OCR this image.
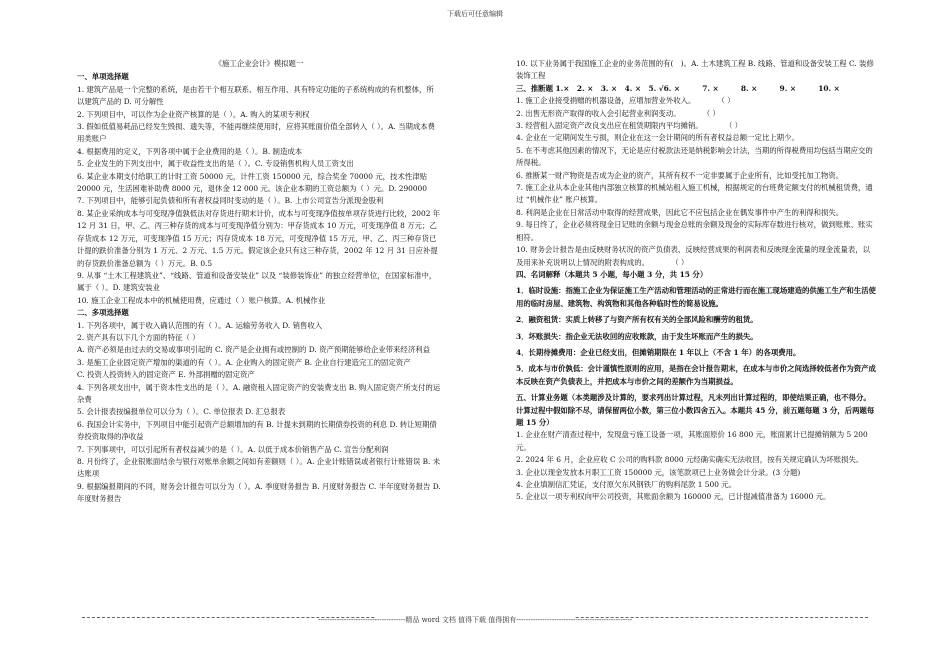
下载后可任意编辑
《施工企业会计》模拟题一
一、单项选择题
1. 建筑产品是一个完整的系统，是由若干个相互联系、相互作用、具有特定功能的子系统构成的有机整体，所以建筑产品的 D. 可分解性
2. 下列项目中，可以作为企业资产核算的是（ ）。A. 购入的某项专利权
3. 假如低值易耗品已经发生毁损、遗失等，不能再继续使用时，应将其账面价值全部转入（ ）。A. 当期成本费用类账户
4. 根据费用的定义，下列各项中属于企业费用的是（ ）。B. 制造成本
5. 企业发生的下列支出中，属于收益性支出的是（ ）。C. 专设销售机构人员工资支出
6. 某企业本期支付给职工的计时工资 50000 元，计件工资 150000 元，综合奖金 70000 元，技术性津贴 20000 元，生活困难补助费 8000 元，退休金 12 000 元。该企业本期的工资总额为（ ）元。D. 290000
7. 下列项目中，能够引起负债和所有者权益同时变动的是（ ）。B. 上市公司宣告分派现金股利
8. 某企业采纳成本与可变现净值孰低法对存货进行期末计价，成本与可变现净值按单项存货进行比较，2002 年 12 月 31 日，甲、乙、丙三种存货的成本与可变现净值分别为：甲存货成本 10 万元，可变现净值 8 万元；乙存货成本 12 万元，可变现净值 15 万元；丙存货成本 18 万元，可变现净值 15 万元，甲、乙、丙三种存货已计提的跌价准备分别为 1 万元、2 万元、1.5 万元。假定该企业只有这三种存货，2002 年 12 月 31 日应补提的存货跌价准备总额为（ ）万元。B. 0.5
9. 从事 “土木工程建筑业”、“线路、管道和设备安装业” 以及 “装修装饰业” 的独立经营单位，在国家标准中，属于（ ）。D. 建筑安装业
10. 施工企业工程成本中的机械使用费，应通过（ ）账户核算。A. 机械作业
二、多项选择题
1. 下列各项中，属于收入确认范围的有（ ）。A. 运输劳务收入 D. 销售收入
2. 资产具有以下几个方面的特征（ ）
A. 资产必须是由过去的交易或事项引起的 C. 资产是企业拥有或控制的 D. 资产预期能够给企业带来经济利益
3. 是施工企业固定资产增加的渠道的有（ ）。A. 企业购入的固定资产 B. 企业自行建造完工的固定资产
C. 投资人投资转入的固定资产 E. 外部捐赠的固定资产
4. 下列各项支出中，属于资本性支出的是（ ）。A. 融资租入固定资产的安装费支出 B. 购入固定资产所支付的运杂费
5. 会计报表按编报单位可以分为（ ）。C. 单位报表 D. 汇总报表
6. 我国会计实务中，下列项目中能引起资产总额增加的有 B. 计提未到期的长期债券投资的利息 D. 转让短期债券投资取得的净收益
7. 下列事项中，可以引起所有者权益减少的是（ ）。A. 以低于成本价销售产品 C. 宣告分配利润
8. 月份终了，企业银账面结余与银行对账单余额之间如有差额则（ ）。A. 企业计账错误或者银行计账错误 B. 未达账项
9. 根据编报期间的不同，财务会计报告可以分为（ ）。A. 季度财务报告 B. 月度财务报告 C. 半年度财务报告 D. 年度财务报告
10. 以下业务属于我国施工企业的业务范围的有(　)。A. 土木建筑工程 B. 线路、管道和设备安装工程 C. 装修装饰工程
三、推断题 1.×　2. ×　3. ×　4. ×　5. √6. ×　　　7. ×　　　8. ×　　　9. ×　　　10. ×
1. 施工企业接受捐赠的机器设备，应增加营业外收入。　　　　（ ）
2. 出售无形资产取得的收入会引起营业利润变动。　　　　（ ）
3. 经营租入固定资产改良支出应在租赁期限内平均摊销。　　　　（ ）
4. 企业在一定期间发生亏损，则企业在这一会计期间的所有者权益总额一定比上期少。
5. 在不考虑其他因素的情况下，无论是应付税款法还是纳税影响会计法，当期的所得税费用均包括当期应交的所得税。
6. 推断某一财产物资是否成为企业的资产，其所有权不一定非要属于企业所有，比如受托加工物资。
7. 施工企业从本企业其他内部独立核算的机械站租入施工机械，根据规定的台班费定额支付的机械租赁费，通过 “机械作业” 账户核算。
8. 利润是企业在日常活动中取得的经营成果，因此它不应包括企业在偶发事件中产生的利得和损失。
9. 每日终了，企业必须将现金日记账的余额与现金总账的余额及现金的实际库存数进行核对，做到账账、账实相符。
10. 财务会计报告是由反映财务状况的资产负债表、反映经营成果的利润表和反映现金流量的现金流量表，以及用来补充说明以上情况的附表构成的。　　　　（ ）
四、名词解释（本题共 5 小题，每小题 3 分，共 15 分）
1．临时设施：指施工企业为保证施工生产活动和管理活动的正常进行而在施工现场建造的供施工生产和生活使用的临时房屋、建筑物、构筑物和其他各种临时性的简易设施。
2．融资租赁：实质上转移了与资产所有权有关的全部风险和酬劳的租赁。
3．坏账损失：指企业无法收回的应收账款，由于发生坏账而产生的损失。
4．长期待摊费用：企业已经支出，但摊销期限在 1 年以上（不含 1 年）的各项费用。
5．成本与市价孰低：会计谨慎性原则的应用，是指在会计报告期末，在成本与市价之间选择较低者作为资产成本反映在资产负债表上，并把成本与市价之间的差额作为当期损益。
五、计算业务题（本类题涉及计算的，要求列出计算过程，凡未列出计算过程的，即使结果正确，也不得分。计算过程中假如除不尽，请保留两位小数，第三位小数四舍五入。本题共 45 分，前五题每题 3 分，后两题每题 15 分）
1. 企业在财产清查过程中，发现盘亏施工设备一项，其账面原价 16 800 元，账面累计已提摊销额为 5 200 元。
2. 2024 年 6 月，企业应收 C 公司的购料款 8000 元经确实确实无法收回，按有关规定确认为坏账损失。
3. 企业以现金发放本月职工工资 150000 元，该笔款项已上业务做会计分录。(3 分题)
4. 企业填制信汇凭证，支付原欠东风钢铁厂的购料尾款 1 500 元。
5. 企业以一项专利权向甲公司投资，其账面余额为 160000 元，已计提减值准备为 16000 元。
-------------------------------------精品 word 文档 值得下载 值得拥有-------------------------------------------------
